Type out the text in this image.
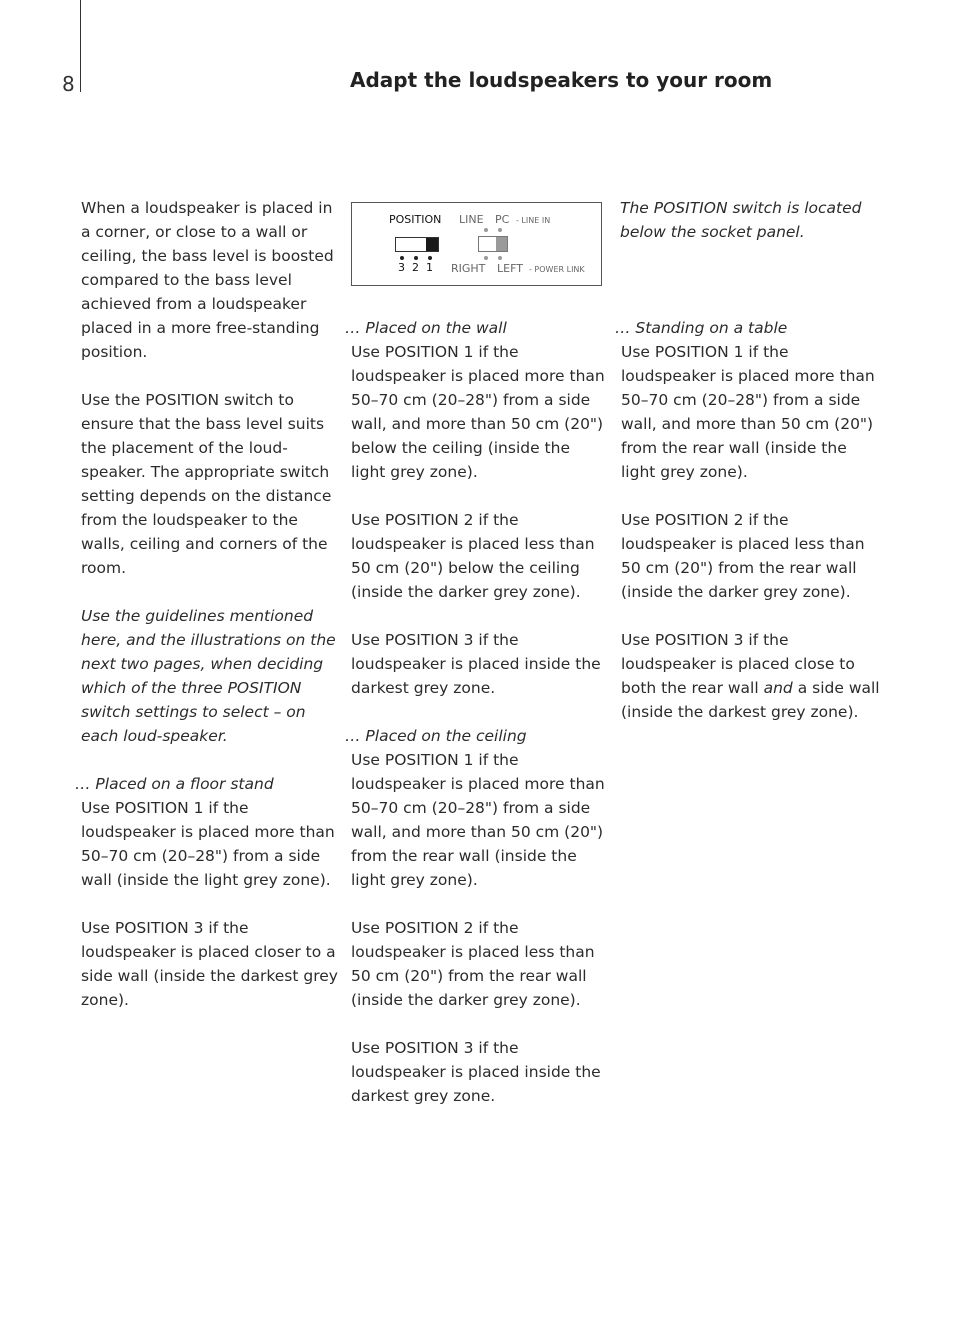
8	Adapt the loudspeakers to your room

When a loudspeaker is placed in a corner, or close to a wall or ceiling, the bass level is boosted compared to the bass level achieved from a loudspeaker placed in a more free-standing position.

Use the POSITION switch to ensure that the bass level suits the placement of the loud-speaker. The appropriate switch setting depends on the distance from the loudspeaker to the walls, ceiling and corners of the room.

Use the guidelines mentioned here, and the illustrations on the next two pages, when deciding which of the three POSITION switch settings to select – on each loud-speaker.

… Placed on a floor stand

Use POSITION 1 if the loudspeaker is placed more than 50–70 cm (20–28") from a side wall (inside the light grey zone).

Use POSITION 3 if the loudspeaker is placed closer to a side wall (inside the darkest grey zone).

POSITION LINE PC - LINE IN
3 2 1 RIGHT LEFT - POWER LINK
The POSITION switch is located below the socket panel.
… Placed on the wall

Use POSITION 1 if the loudspeaker is placed more than 50–70 cm (20–28") from a side wall, and more than 50 cm (20") below the ceiling (inside the light grey zone).

Use POSITION 2 if the loudspeaker is placed less than 50 cm (20") below the ceiling (inside the darker grey zone).

Use POSITION 3 if the loudspeaker is placed inside the darkest grey zone.

… Placed on the ceiling

Use POSITION 1 if the loudspeaker is placed more than 50–70 cm (20–28") from a side wall, and more than 50 cm (20") from the rear wall (inside the light grey zone).

Use POSITION 2 if the loudspeaker is placed less than 50 cm (20") from the rear wall (inside the darker grey zone).

Use POSITION 3 if the loudspeaker is placed inside the darkest grey zone.

… Standing on a table

Use POSITION 1 if the loudspeaker is placed more than 50–70 cm (20–28") from a side wall, and more than 50 cm (20") from the rear wall (inside the light grey zone).

Use POSITION 2 if the loudspeaker is placed less than 50 cm (20") from the rear wall (inside the darker grey zone).

Use POSITION 3 if the loudspeaker is placed close to both the rear wall and a side wall (inside the darkest grey zone).
